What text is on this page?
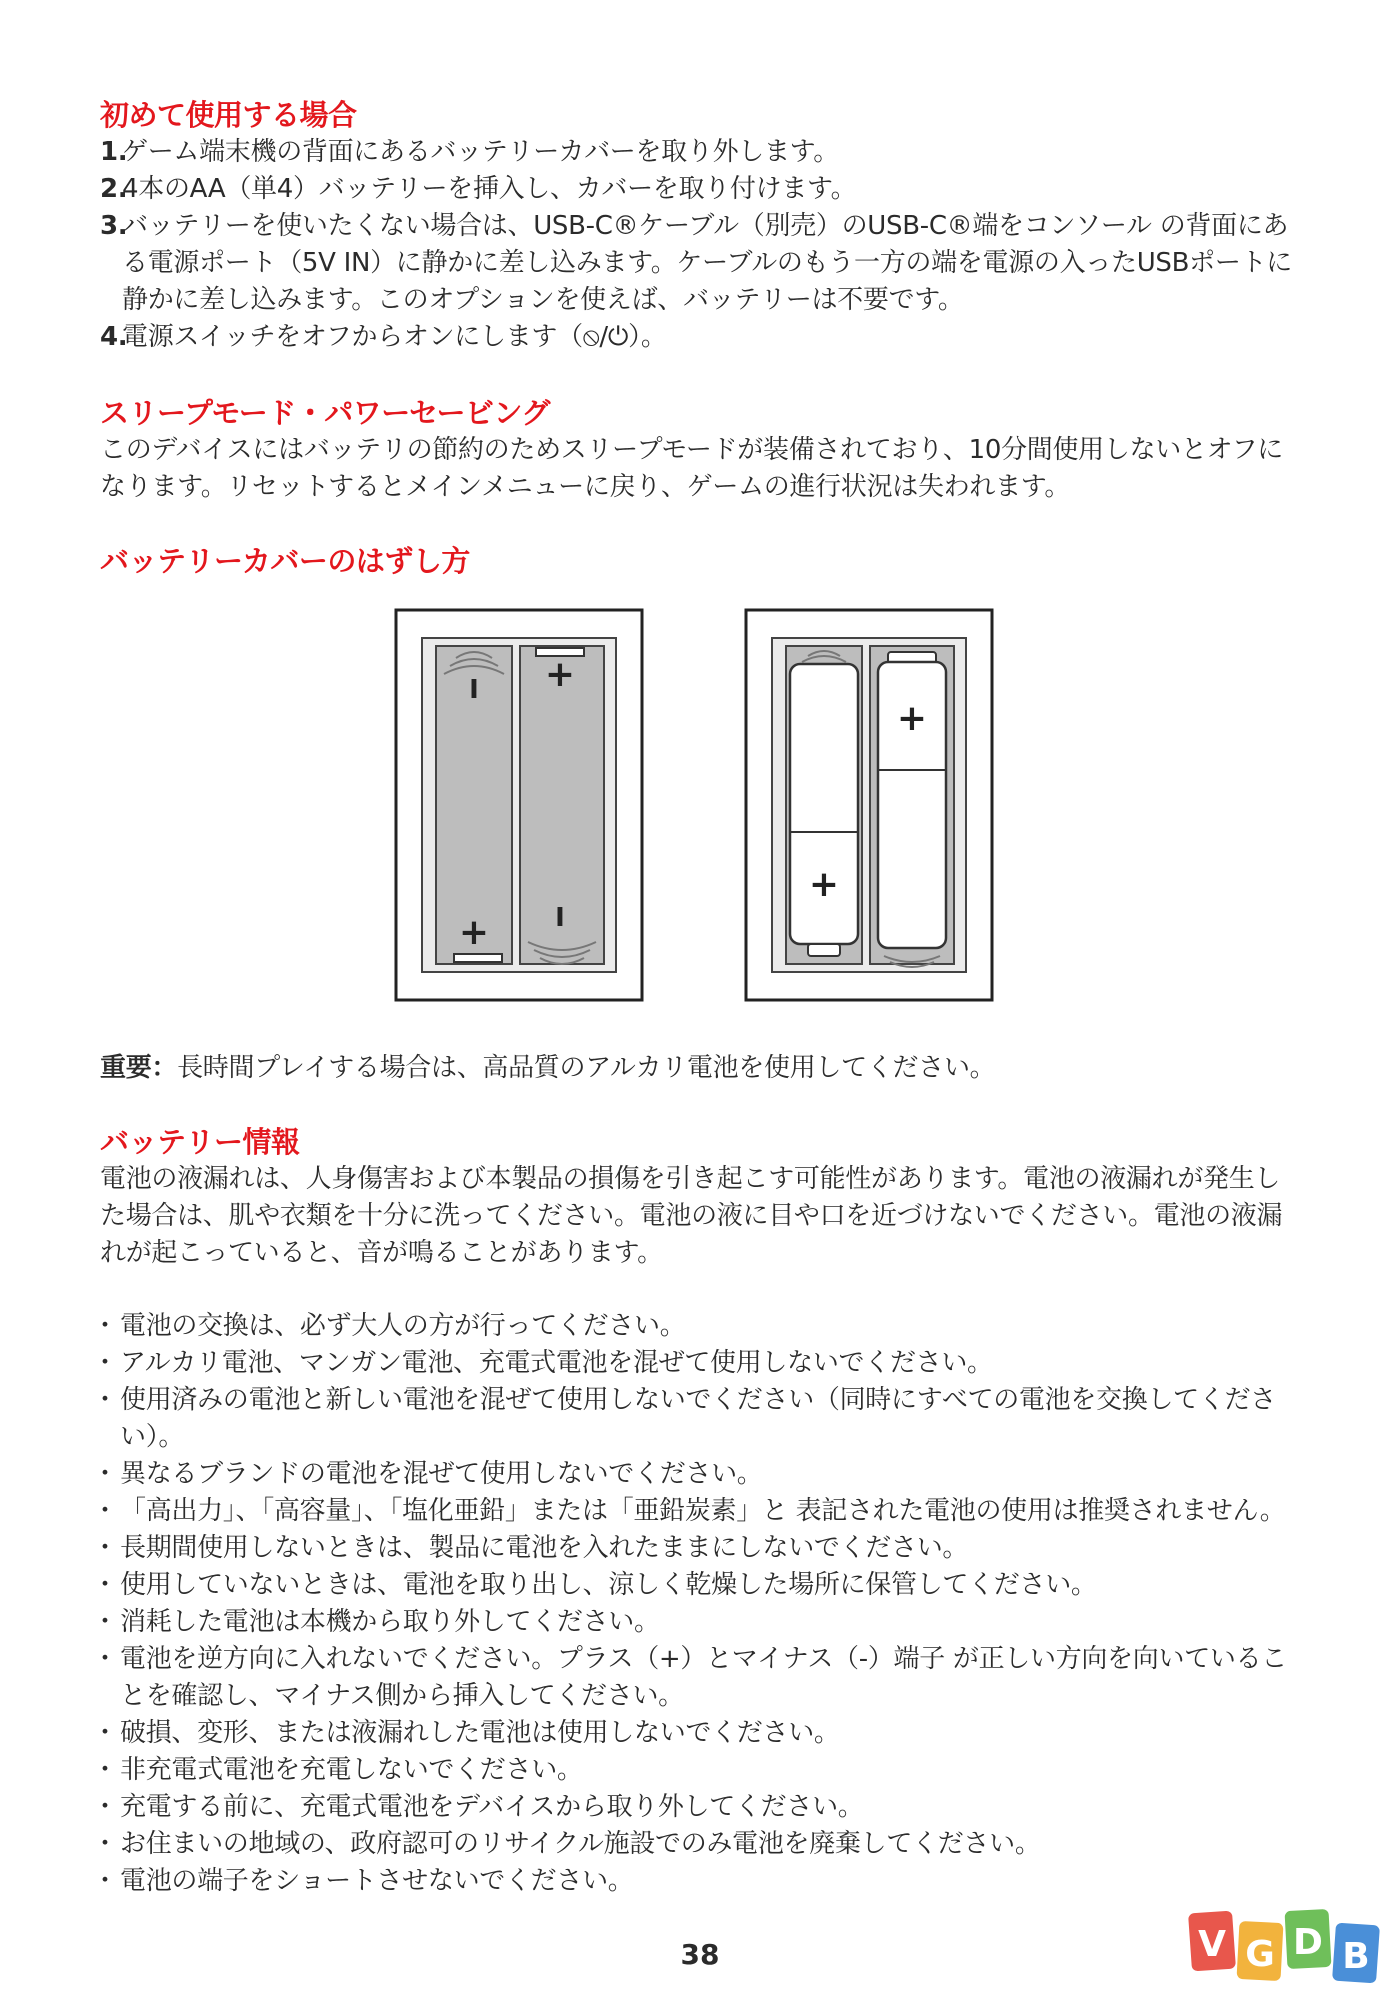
初めて使用する場合
1.
ゲーム端末機の背面にあるバッテリーカバーを取り外します。
2.
4本のAA（単4）バッテリーを挿入し、カバーを取り付けます。
3.
バッテリーを使いたくない場合は、USB-C®ケーブル（別売）のUSB-C®端をコンソール の背面にある電源ポート（5V IN）に静かに差し込みます。ケーブルのもう一方の端を電源の入ったUSBポートに静かに差し込みます。このオプションを使えば、バッテリーは不要です。
4.
電源スイッチをオフからオンにします（⦸/⏻）。
スリープモード・パワーセービング

このデバイスにはバッテリの節約のためスリープモードが装備されており、10分間使用しないとオフになります。リセットするとメインメニューに戻り、ゲームの進行状況は失われます。

バッテリーカバーのはずし方
I +
+	I
+
+

重要：長時間プレイする場合は、高品質のアルカリ電池を使用してください。

バッテリー情報

電池の液漏れは、人身傷害および本製品の損傷を引き起こす可能性があります。電池の液漏れが発生した場合は、肌や衣類を十分に洗ってください。電池の液に目や口を近づけないでください。電池の液漏れが起こっていると、音が鳴ることがあります。

・ 電池の交換は、必ず大人の方が行ってください。
・ アルカリ電池、マンガン電池、充電式電池を混ぜて使用しないでください。
・ 使用済みの電池と新しい電池を混ぜて使用しないでください（同時にすべての電池を交換してください）。
・ 異なるブランドの電池を混ぜて使用しないでください。
・ 「高出力」、「高容量」、「塩化亜鉛」または「亜鉛炭素」と 表記された電池の使用は推奨されません。
・ 長期間使用しないときは、製品に電池を入れたままにしないでください。
・ 使用していないときは、電池を取り出し、涼しく乾燥した場所に保管してください。
・ 消耗した電池は本機から取り外してください。
・ 電池を逆方向に入れないでください。プラス（+）とマイナス（-）端子 が正しい方向を向いていることを確認し、マイナス側から挿入してください。
・ 破損、変形、または液漏れした電池は使用しないでください。
・ 非充電式電池を充電しないでください。
・ 充電する前に、充電式電池をデバイスから取り外してください。
・ お住まいの地域の、政府認可のリサイクル施設でのみ電池を廃棄してください。
・ 電池の端子をショートさせないでください。
38	V G D B
